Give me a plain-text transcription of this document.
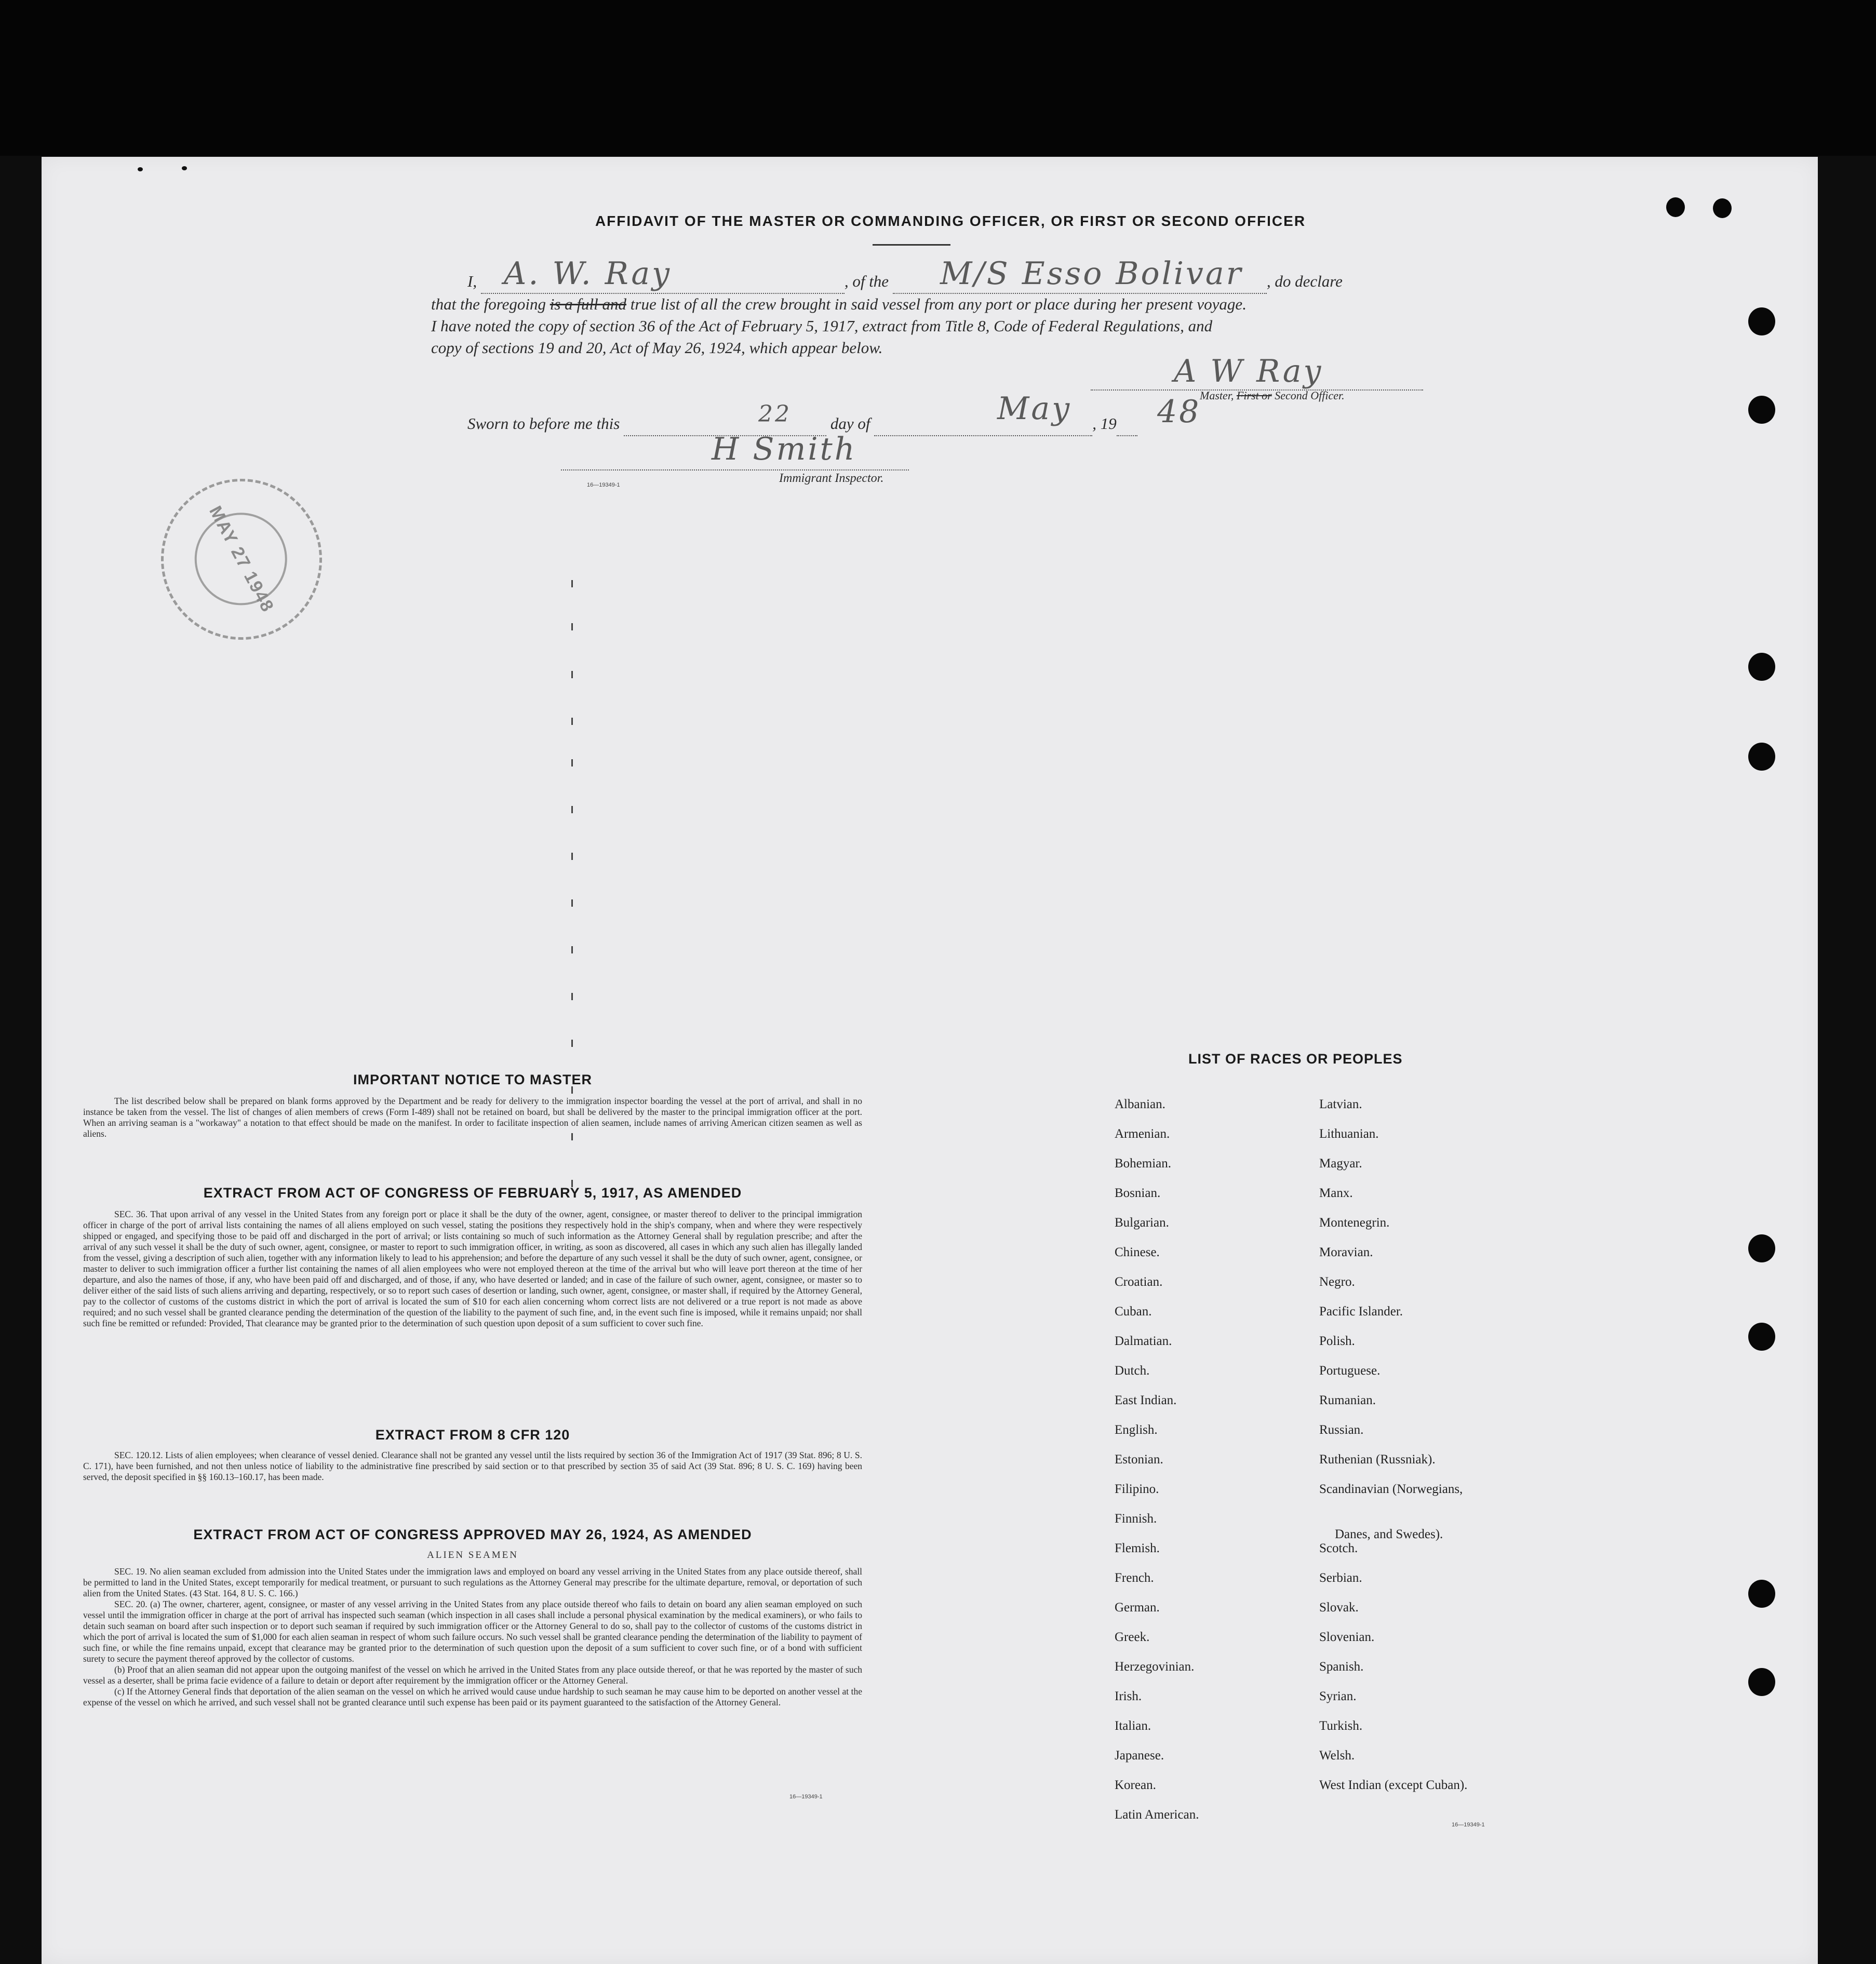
AFFIDAVIT OF THE MASTER OR COMMANDING OFFICER, OR FIRST OR SECOND OFFICER
I,	, of the	, do declare
A. W. Ray	M/S Esso Bolivar
that the foregoing is a full and true list of all the crew brought in said vessel from any port or place during her present voyage.
I have noted the copy of section 36 of the Act of February 5, 1917, extract from Title 8, Code of Federal Regulations, and
copy of sections 19 and 20, Act of May 26, 1924, which appear below.
A W Ray
Master, First or Second Officer.
Sworn to before me this	day of	, 19
22	May	48
H Smith
Immigrant Inspector.
16—19349-1
MAY 27 1948
IMPORTANT NOTICE TO MASTER

The list described below shall be prepared on blank forms approved by the Department and be ready for delivery to the immigration inspector boarding the vessel at the port of arrival, and shall in no instance be taken from the vessel. The list of changes of alien members of crews (Form I-489) shall not be retained on board, but shall be delivered by the master to the principal immigration officer at the port. When an arriving seaman is a "workaway" a notation to that effect should be made on the manifest. In order to facilitate inspection of alien seamen, include names of arriving American citizen seamen as well as aliens.

EXTRACT FROM ACT OF CONGRESS OF FEBRUARY 5, 1917, AS AMENDED

SEC. 36. That upon arrival of any vessel in the United States from any foreign port or place it shall be the duty of the owner, agent, consignee, or master thereof to deliver to the principal immigration officer in charge of the port of arrival lists containing the names of all aliens employed on such vessel, stating the positions they respectively hold in the ship's company, when and where they were respectively shipped or engaged, and specifying those to be paid off and discharged in the port of arrival; or lists containing so much of such information as the Attorney General shall by regulation prescribe; and after the arrival of any such vessel it shall be the duty of such owner, agent, consignee, or master to report to such immigration officer, in writing, as soon as discovered, all cases in which any such alien has illegally landed from the vessel, giving a description of such alien, together with any information likely to lead to his apprehension; and before the departure of any such vessel it shall be the duty of such owner, agent, consignee, or master to deliver to such immigration officer a further list containing the names of all alien employees who were not employed thereon at the time of the arrival but who will leave port thereon at the time of her departure, and also the names of those, if any, who have been paid off and discharged, and of those, if any, who have deserted or landed; and in case of the failure of such owner, agent, consignee, or master so to deliver either of the said lists of such aliens arriving and departing, respectively, or so to report such cases of desertion or landing, such owner, agent, consignee, or master shall, if required by the Attorney General, pay to the collector of customs of the customs district in which the port of arrival is located the sum of $10 for each alien concerning whom correct lists are not delivered or a true report is not made as above required; and no such vessel shall be granted clearance pending the determination of the question of the liability to the payment of such fine, and, in the event such fine is imposed, while it remains unpaid; nor shall such fine be remitted or refunded: Provided, That clearance may be granted prior to the determination of such question upon deposit of a sum sufficient to cover such fine.

EXTRACT FROM 8 CFR 120

SEC. 120.12. Lists of alien employees; when clearance of vessel denied. Clearance shall not be granted any vessel until the lists required by section 36 of the Immigration Act of 1917 (39 Stat. 896; 8 U. S. C. 171), have been furnished, and not then unless notice of liability to the administrative fine prescribed by said section or to that prescribed by section 35 of said Act (39 Stat. 896; 8 U. S. C. 169) having been served, the deposit specified in §§ 160.13–160.17, has been made.

EXTRACT FROM ACT OF CONGRESS APPROVED MAY 26, 1924, AS AMENDED
ALIEN SEAMEN

SEC. 19. No alien seaman excluded from admission into the United States under the immigration laws and employed on board any vessel arriving in the United States from any place outside thereof, shall be permitted to land in the United States, except temporarily for medical treatment, or pursuant to such regulations as the Attorney General may prescribe for the ultimate departure, removal, or deportation of such alien from the United States. (43 Stat. 164, 8 U. S. C. 166.)

SEC. 20. (a) The owner, charterer, agent, consignee, or master of any vessel arriving in the United States from any place outside thereof who fails to detain on board any alien seaman employed on such vessel until the immigration officer in charge at the port of arrival has inspected such seaman (which inspection in all cases shall include a personal physical examination by the medical examiners), or who fails to detain such seaman on board after such inspection or to deport such seaman if required by such immigration officer or the Attorney General to do so, shall pay to the collector of customs of the customs district in which the port of arrival is located the sum of $1,000 for each alien seaman in respect of whom such failure occurs. No such vessel shall be granted clearance pending the determination of the liability to payment of such fine, or while the fine remains unpaid, except that clearance may be granted prior to the determination of such question upon the deposit of a sum sufficient to cover such fine, or of a bond with sufficient surety to secure the payment thereof approved by the collector of customs.

(b) Proof that an alien seaman did not appear upon the outgoing manifest of the vessel on which he arrived in the United States from any place outside thereof, or that he was reported by the master of such vessel as a deserter, shall be prima facie evidence of a failure to detain or deport after requirement by the immigration officer or the Attorney General.

(c) If the Attorney General finds that deportation of the alien seaman on the vessel on which he arrived would cause undue hardship to such seaman he may cause him to be deported on another vessel at the expense of the vessel on which he arrived, and such vessel shall not be granted clearance until such expense has been paid or its payment guaranteed to the satisfaction of the Attorney General.

16—19349-1
LIST OF RACES OR PEOPLES
Albanian.
Armenian.
Bohemian.
Bosnian.
Bulgarian.
Chinese.
Croatian.
Cuban.
Dalmatian.
Dutch.
East Indian.
English.
Estonian.
Filipino.
Finnish.
Flemish.
French.
German.
Greek.
Herzegovinian.
Irish.
Italian.
Japanese.
Korean.
Latin American.
Latvian.
Lithuanian.
Magyar.
Manx.
Montenegrin.
Moravian.
Negro.
Pacific Islander.
Polish.
Portuguese.
Rumanian.
Russian.
Ruthenian (Russniak).
Scandinavian (Norwegians,
Danes, and Swedes).
Scotch.
Serbian.
Slovak.
Slovenian.
Spanish.
Syrian.
Turkish.
Welsh.
West Indian (except Cuban).
16—19349-1
